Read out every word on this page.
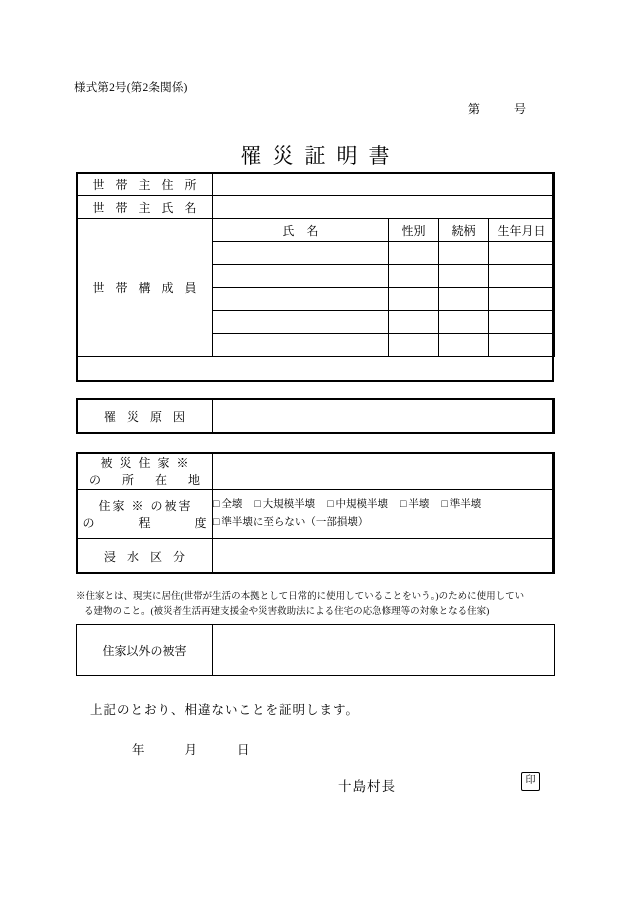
様式第2号(第2条関係)
第	号
罹災証明書
世 帯 主 住 所				
世 帯 主 氏 名				
世 帯 構 成 員	氏　名	性別	続柄	生年月日

罹 災 原 因	
被 災 住 家 ※
の　 所　 在　 地	

住家 ※ の被害
の　　　程　　　度

□ 全壊 □ 大規模半壊 □ 中規模半壊 □ 半壊 □ 準半壊
□ 準半壊に至らない（一部損壊）

浸 水 区 分	
※住家とは、現実に居住(世帯が生活の本拠として日常的に使用していることをいう。)のために使用してい
る建物のこと。(被災者生活再建支援金や災害救助法による住宅の応急修理等の対象となる住家)
住家以外の被害	
上記のとおり、相違ないことを証明します。
年	月	日
十島村長	印
